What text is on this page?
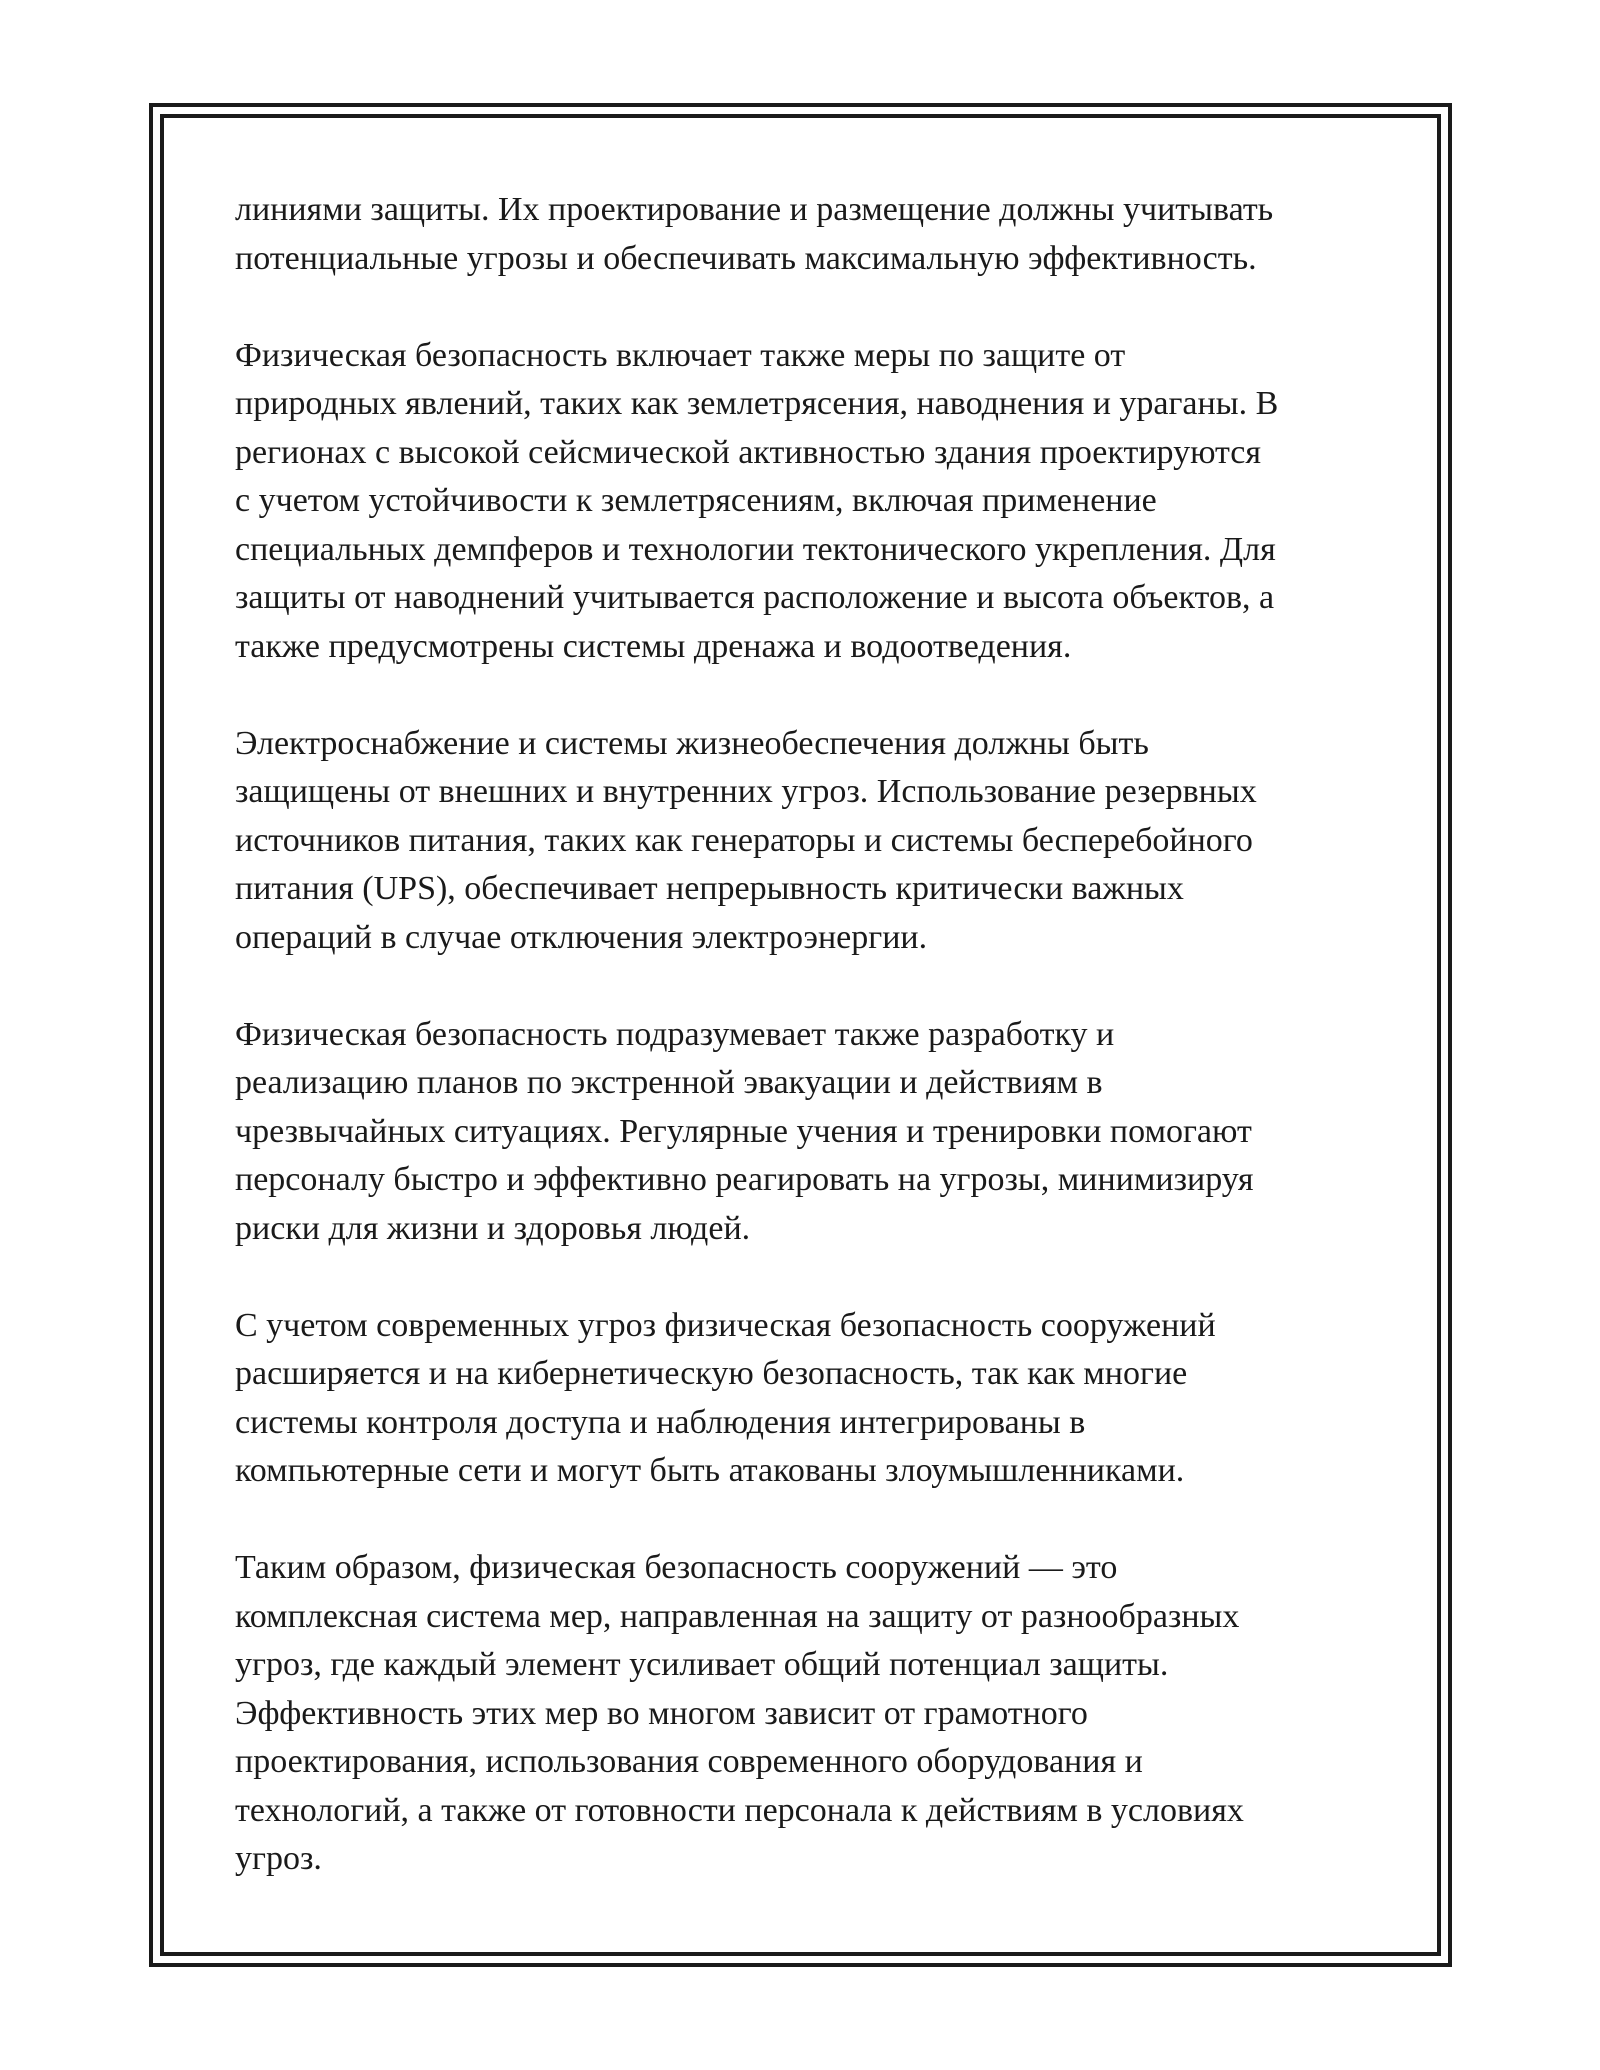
линиями защиты. Их проектирование и размещение должны учитывать
потенциальные угрозы и обеспечивать максимальную эффективность.

Физическая безопасность включает также меры по защите от
природных явлений, таких как землетрясения, наводнения и ураганы. В
регионах с высокой сейсмической активностью здания проектируются
с учетом устойчивости к землетрясениям, включая применение
специальных демпферов и технологии тектонического укрепления. Для
защиты от наводнений учитывается расположение и высота объектов, а
также предусмотрены системы дренажа и водоотведения.

Электроснабжение и системы жизнеобеспечения должны быть
защищены от внешних и внутренних угроз. Использование резервных
источников питания, таких как генераторы и системы бесперебойного
питания (UPS), обеспечивает непрерывность критически важных
операций в случае отключения электроэнергии.

Физическая безопасность подразумевает также разработку и
реализацию планов по экстренной эвакуации и действиям в
чрезвычайных ситуациях. Регулярные учения и тренировки помогают
персоналу быстро и эффективно реагировать на угрозы, минимизируя
риски для жизни и здоровья людей.

С учетом современных угроз физическая безопасность сооружений
расширяется и на кибернетическую безопасность, так как многие
системы контроля доступа и наблюдения интегрированы в
компьютерные сети и могут быть атакованы злоумышленниками.

Таким образом, физическая безопасность сооружений — это
комплексная система мер, направленная на защиту от разнообразных
угроз, где каждый элемент усиливает общий потенциал защиты.
Эффективность этих мер во многом зависит от грамотного
проектирования, использования современного оборудования и
технологий, а также от готовности персонала к действиям в условиях
угроз.
